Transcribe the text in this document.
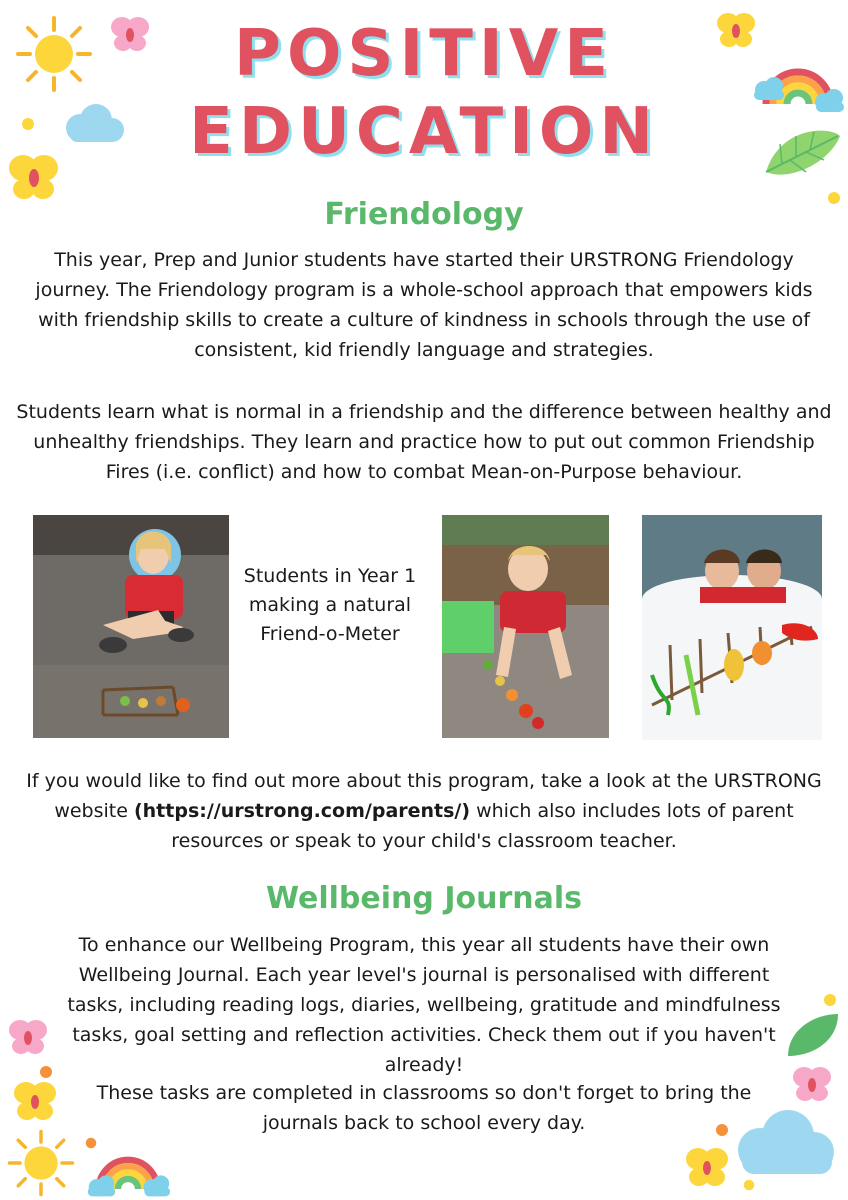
POSITIVE
EDUCATION
Friendology
This year, Prep and Junior students have started their URSTRONG Friendology journey. The Friendology program is a whole-school approach that empowers kids with friendship skills to create a culture of kindness in schools through the use of consistent, kid friendly language and strategies.
Students learn what is normal in a friendship and the difference between healthy and unhealthy friendships. They learn and practice how to put out common Friendship Fires (i.e. conflict) and how to combat Mean-on-Purpose behaviour.
Students in Year 1 making a natural Friend-o-Meter
If you would like to find out more about this program, take a look at the URSTRONG website (https://urstrong.com/parents/) which also includes lots of parent resources or speak to your child's classroom teacher.
Wellbeing Journals
To enhance our Wellbeing Program, this year all students have their own Wellbeing Journal. Each year level's journal is personalised with different tasks, including reading logs, diaries, wellbeing, gratitude and mindfulness tasks, goal setting and reflection activities. Check them out if you haven't already!
These tasks are completed in classrooms so don't forget to bring the journals back to school every day.
